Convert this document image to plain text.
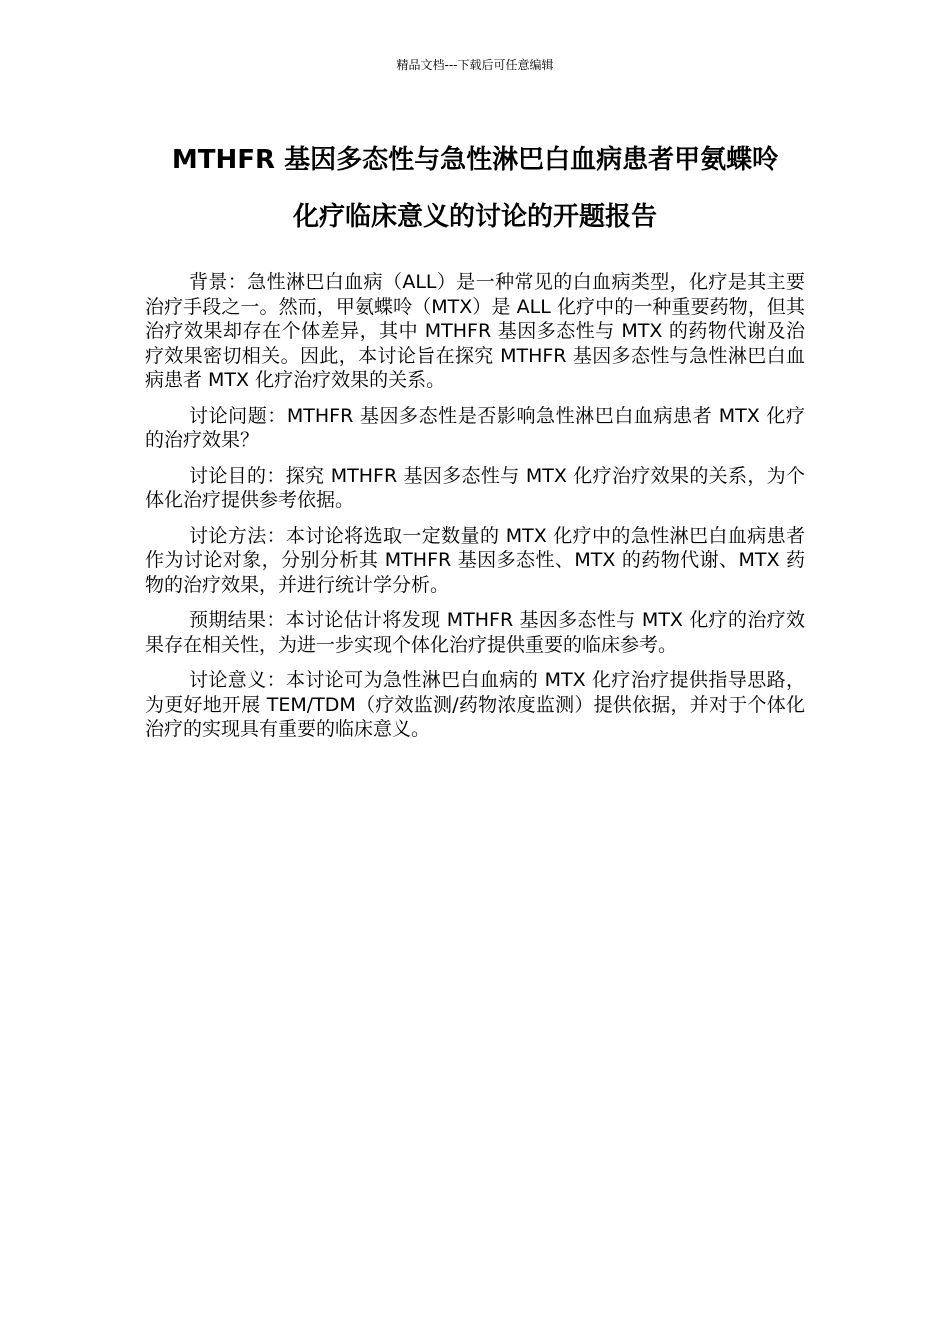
精品文档---下载后可任意编辑
MTHFR 基因多态性与急性淋巴白血病患者甲氨蝶呤
化疗临床意义的讨论的开题报告

背景：急性淋巴白血病（ALL）是一种常见的白血病类型，化疗是其主要治疗手段之一。然而，甲氨蝶呤（MTX）是 ALL 化疗中的一种重要药物，但其治疗效果却存在个体差异，其中 MTHFR 基因多态性与 MTX 的药物代谢及治疗效果密切相关。因此，本讨论旨在探究 MTHFR 基因多态性与急性淋巴白血病患者 MTX 化疗治疗效果的关系。

讨论问题：MTHFR 基因多态性是否影响急性淋巴白血病患者 MTX 化疗的治疗效果？

讨论目的：探究 MTHFR 基因多态性与 MTX 化疗治疗效果的关系，为个体化治疗提供参考依据。

讨论方法：本讨论将选取一定数量的 MTX 化疗中的急性淋巴白血病患者作为讨论对象，分别分析其 MTHFR 基因多态性、MTX 的药物代谢、MTX 药物的治疗效果，并进行统计学分析。

预期结果：本讨论估计将发现 MTHFR 基因多态性与 MTX 化疗的治疗效果存在相关性，为进一步实现个体化治疗提供重要的临床参考。

讨论意义：本讨论可为急性淋巴白血病的 MTX 化疗治疗提供指导思路，为更好地开展 TEM/TDM（疗效监测/药物浓度监测）提供依据，并对于个体化治疗的实现具有重要的临床意义。
